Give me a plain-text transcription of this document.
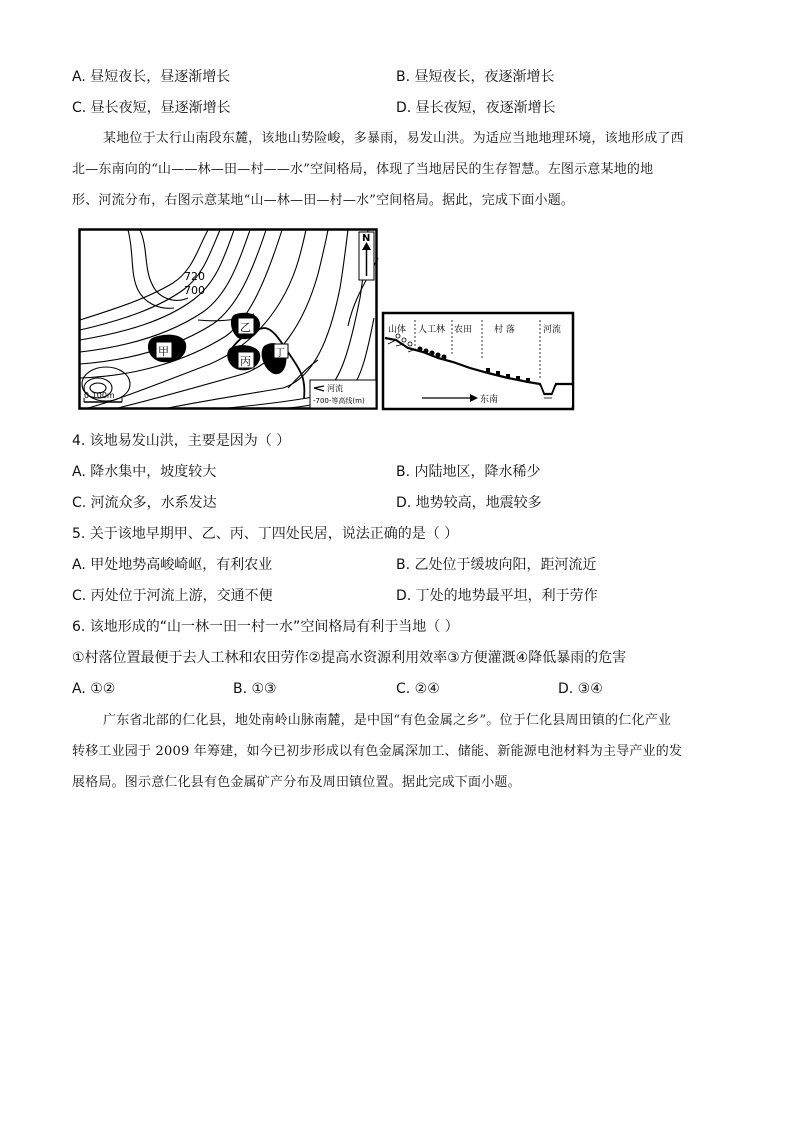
A. 昼短夜长，昼逐渐增长	B. 昼短夜长，夜逐渐增长
C. 昼长夜短，昼逐渐增长	D. 昼长夜短，夜逐渐增长
某地位于太行山南段东麓，该地山势险峻，多暴雨，易发山洪。为适应当地地理环境，该地形成了西
北—东南向的“山——林—田—村——水”空间格局，体现了当地居民的生存智慧。左图示意某地的地
形、河流分布，右图示意某地“山—林—田—村—水”空间格局。据此，完成下面小题。
720
700
N
乙
甲
丙
丁
0 100m
河流
-700-等高线(m)
山体 人工林 农田 村 落	河流
东南
4. 该地易发山洪，主要是因为（ ）
A. 降水集中，坡度较大	B. 内陆地区，降水稀少
C. 河流众多，水系发达	D. 地势较高，地震较多
5. 关于该地早期甲、乙、丙、丁四处民居，说法正确的是（ ）
A. 甲处地势高峻崎岖，有利农业	B. 乙处位于缓坡向阳，距河流近
C. 丙处位于河流上游，交通不便	D. 丁处的地势最平坦，利于劳作
6. 该地形成的“山一林一田一村一水”空间格局有利于当地（ ）
①村落位置最便于去人工林和农田劳作②提高水资源利用效率③方便灌溉④降低暴雨的危害
A. ①②	B. ①③	C. ②④	D. ③④
广东省北部的仁化县，地处南岭山脉南麓，是中国“有色金属之乡”。位于仁化县周田镇的仁化产业
转移工业园于 2009 年筹建，如今已初步形成以有色金属深加工、储能、新能源电池材料为主导产业的发
展格局。图示意仁化县有色金属矿产分布及周田镇位置。据此完成下面小题。
